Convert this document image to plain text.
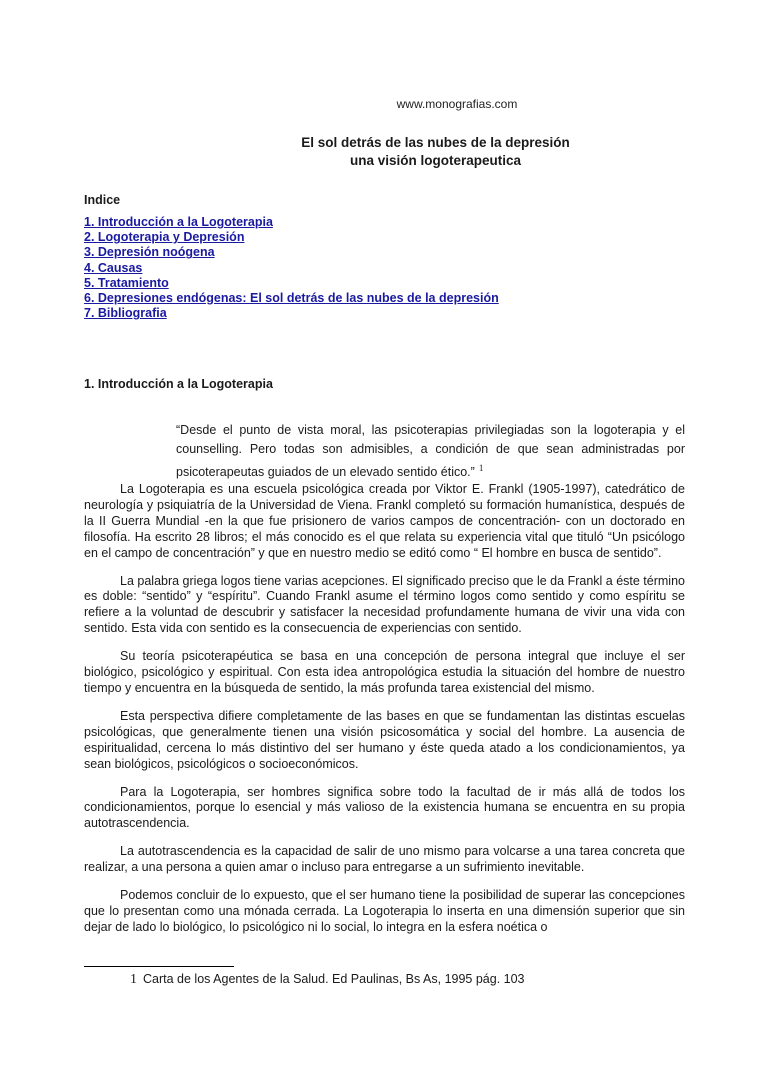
www.monografias.com
El sol detrás de las nubes de la depresión
una visión logoterapeutica
Indice
1. Introducción a la Logoterapia
2. Logoterapia y Depresión
3. Depresión noógena
4. Causas
5. Tratamiento
6. Depresiones endógenas: El sol detrás de las nubes de la depresión
7. Bibliografia
1. Introducción a la Logoterapia
“Desde el punto de vista moral, las psicoterapias privilegiadas son la logoterapia y el counselling. Pero todas son admisibles, a condición de que sean administradas por psicoterapeutas guiados de un elevado sentido ético.” $^1$

La Logoterapia es una escuela psicológica creada por Viktor E. Frankl (1905-1997), catedrático de neurología y psiquiatría de la Universidad de Viena. Frankl completó su formación humanística, después de la II Guerra Mundial -en la que fue prisionero de varios campos de concentración- con un doctorado en filosofía. Ha escrito 28 libros; el más conocido es el que relata su experiencia vital que tituló “Un psicólogo en el campo de concentración” y que en nuestro medio se editó como “ El hombre en busca de sentido”.

La palabra griega logos tiene varias acepciones. El significado preciso que le da Frankl a éste término es doble: “sentido” y “espíritu”. Cuando Frankl asume el término logos como sentido y como espíritu se refiere a la voluntad de descubrir y satisfacer la necesidad profundamente humana de vivir una vida con sentido. Esta vida con sentido es la consecuencia de experiencias con sentido.

Su teoría psicoterapéutica se basa en una concepción de persona integral que incluye el ser biológico, psicológico y espiritual. Con esta idea antropológica estudia la situación del hombre de nuestro tiempo y encuentra en la búsqueda de sentido, la más profunda tarea existencial del mismo.

Esta perspectiva difiere completamente de las bases en que se fundamentan las distintas escuelas psicológicas, que generalmente tienen una visión psicosomática y social del hombre. La ausencia de espiritualidad, cercena lo más distintivo del ser humano y éste queda atado a los condicionamientos, ya sean biológicos, psicológicos o socioeconómicos.

Para la Logoterapia, ser hombres significa sobre todo la facultad de ir más allá de todos los condicionamientos, porque lo esencial y más valioso de la existencia humana se encuentra en su propia autotrascendencia.

La autotrascendencia es la capacidad de salir de uno mismo para volcarse a una tarea concreta que realizar, a una persona a quien amar o incluso para entregarse a un sufrimiento inevitable.

Podemos concluir de lo expuesto, que el ser humano tiene la posibilidad de superar las concepciones que lo presentan como una mónada cerrada. La Logoterapia lo inserta en una dimensión superior que sin dejar de lado lo biológico, lo psicológico ni lo social, lo integra en la esfera noética o

1 Carta de los Agentes de la Salud. Ed Paulinas, Bs As, 1995 pág. 103
